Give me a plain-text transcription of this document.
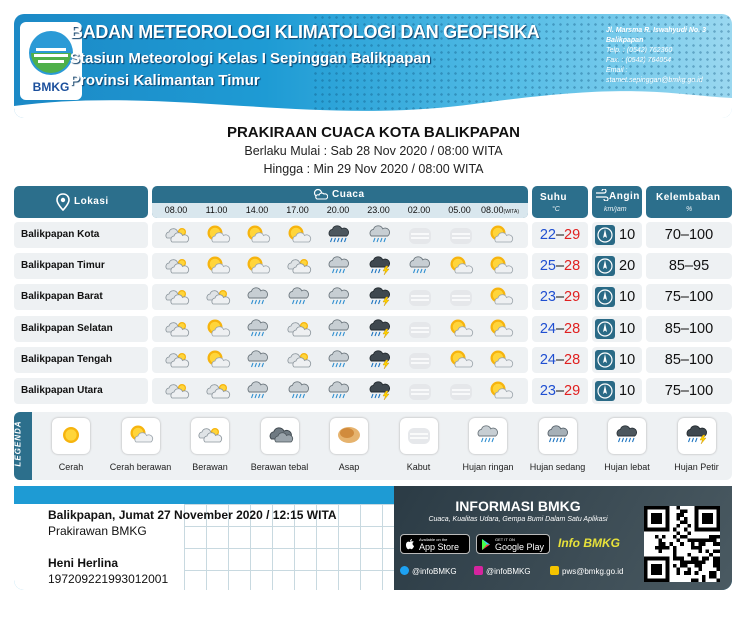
BMKG
BADAN METEOROLOGI KLIMATOLOGI DAN GEOFISIKA
Stasiun Meteorologi Kelas I Sepinggan Balikpapan
Provinsi Kalimantan Timur
Jl. Marsma R. Iswahyudi No. 3
Balikpapan
Telp. : (0542) 762360
Fax. : (0542) 764054
Email :
stamet.sepinggan@bmkg.go.id
PRAKIRAAN CUACA KOTA BALIKPAPAN
Berlaku Mulai : Sab 28 Nov 2020 / 08:00 WITA
Hingga : Min 29 Nov 2020 / 08:00 WITA
Lokasi
Cuaca
08.00	11.00	14.00	17.00	20.00	23.00	02.00	05.00	08.00(WITA)
Suhu
°C
Angin
km/jam
Kelembaban
%
Balikpapan Kota	22–29	10	70–100
Balikpapan Timur	25–28	20	85–95
Balikpapan Barat	23–29	10	75–100
Balikpapan Selatan	24–28	10	85–100
Balikpapan Tengah	24–28	10	85–100
Balikpapan Utara	23–29	10	75–100
LEGENDA
Cerah	Cerah berawan	Berawan	Berawan tebal	Asap	Kabut	Hujan ringan	Hujan sedang	Hujan lebat	Hujan Petir
Balikpapan, Jumat 27 November 2020 / 12:15 WITA
Prakirawan BMKG
Heni Herlina
197209221993012001
INFORMASI BMKG
Cuaca, Kualitas Udara, Gempa Bumi Dalam Satu Aplikasi
Available on the
App Store
GET IT ON
Google Play	Info BMKG
@infoBMKG	@infoBMKG	pws@bmkg.go.id
